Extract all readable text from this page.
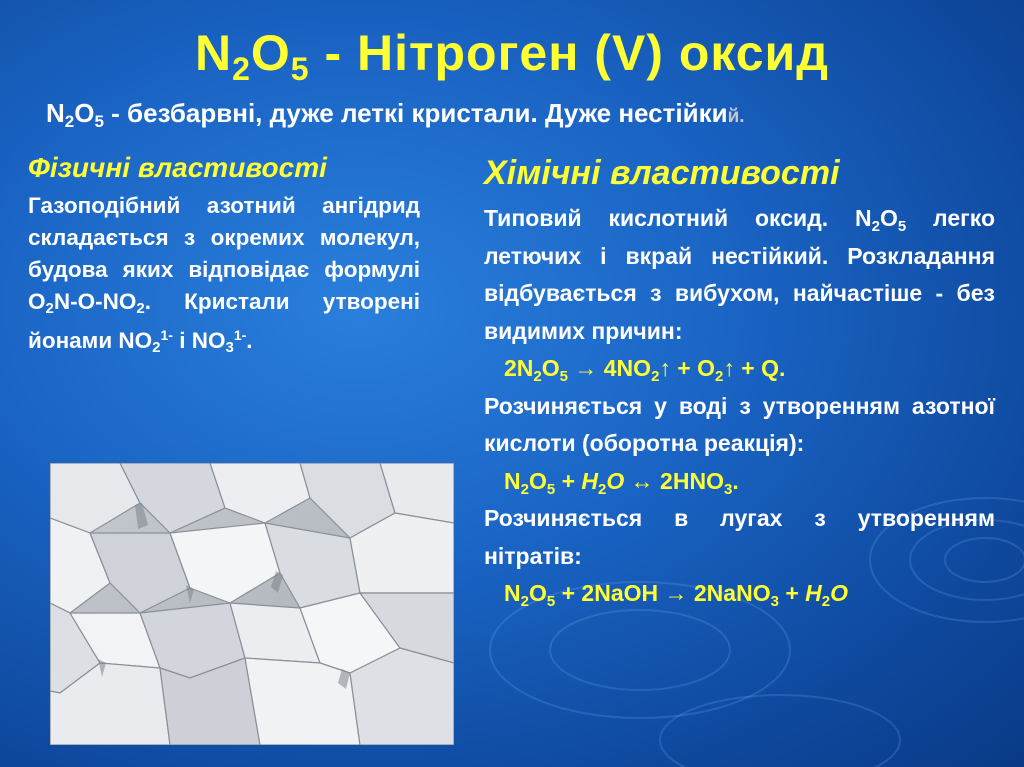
$N_2O_5$ - Нітроген (V) оксид
$N_2O_5$ - безбарвні, дуже леткі кристали. Дуже нестійкий.
Фізичні властивості
Газоподібний азотний ангідрид складається з окремих молекул, будова яких відповідає формулі $O_2N-O-NO_2$. Кристали утворені йонами $NO_2^{1-}$ і $NO_3^{1-}$.
Хімічні властивості

Типовий кислотний оксид. $N_2O_5$ легко летючих і вкрай нестійкий. Розкладання відбувається з вибухом, найчастіше - без видимих причин:

$2N_2O_5$ → $4NO_2↑$ + $O_2↑ + Q$.

Розчиняється у воді з утворенням азотної кислоти (оборотна реакція):

$N_2O_5 + H_2O$ ↔ $2HNO_3$.

Розчиняється в лугах з утворенням нітратів:

$N_2O_5$ + 2NaOH → 2NaNO$_3$ + $H_2O$
